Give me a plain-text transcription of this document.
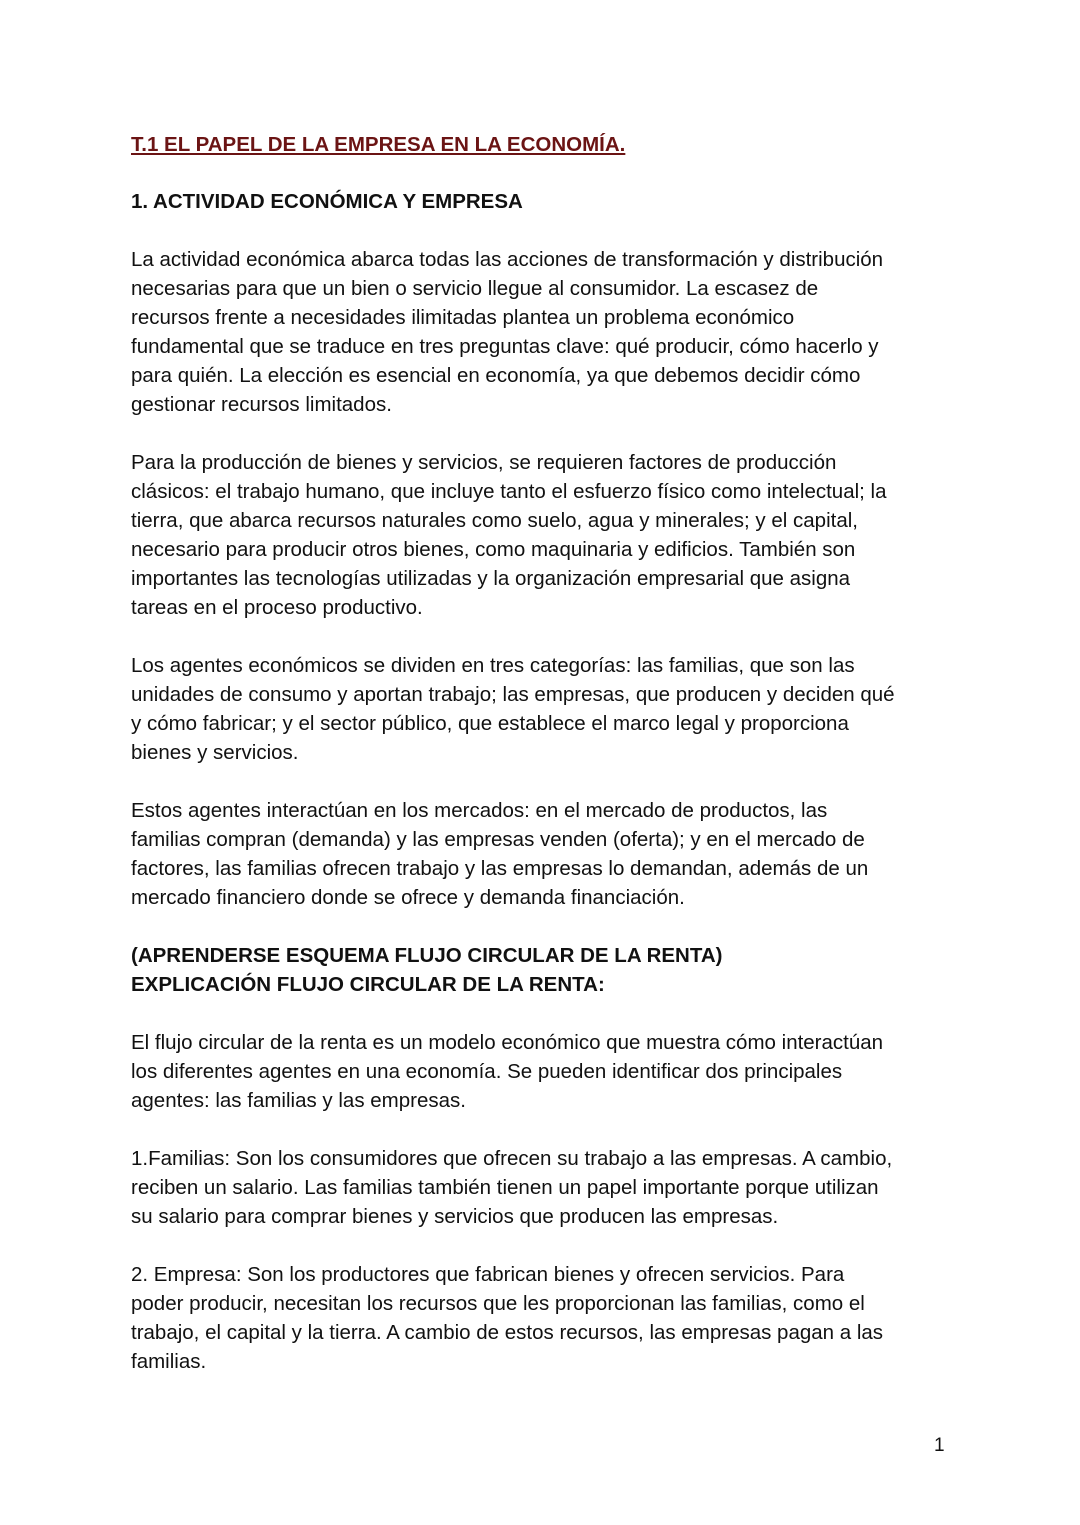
T.1 EL PAPEL DE LA EMPRESA EN LA ECONOMÍA.

1. ACTIVIDAD ECONÓMICA Y EMPRESA

La actividad económica abarca todas las acciones de transformación y distribución
necesarias para que un bien o servicio llegue al consumidor. La escasez de
recursos frente a necesidades ilimitadas plantea un problema económico
fundamental que se traduce en tres preguntas clave: qué producir, cómo hacerlo y
para quién. La elección es esencial en economía, ya que debemos decidir cómo
gestionar recursos limitados.

Para la producción de bienes y servicios, se requieren factores de producción
clásicos: el trabajo humano, que incluye tanto el esfuerzo físico como intelectual; la
tierra, que abarca recursos naturales como suelo, agua y minerales; y el capital,
necesario para producir otros bienes, como maquinaria y edificios. También son
importantes las tecnologías utilizadas y la organización empresarial que asigna
tareas en el proceso productivo.

Los agentes económicos se dividen en tres categorías: las familias, que son las
unidades de consumo y aportan trabajo; las empresas, que producen y deciden qué
y cómo fabricar; y el sector público, que establece el marco legal y proporciona
bienes y servicios.

Estos agentes interactúan en los mercados: en el mercado de productos, las
familias compran (demanda) y las empresas venden (oferta); y en el mercado de
factores, las familias ofrecen trabajo y las empresas lo demandan, además de un
mercado financiero donde se ofrece y demanda financiación.

(APRENDERSE ESQUEMA FLUJO CIRCULAR DE LA RENTA)
EXPLICACIÓN FLUJO CIRCULAR DE LA RENTA:

El flujo circular de la renta es un modelo económico que muestra cómo interactúan
los diferentes agentes en una economía. Se pueden identificar dos principales
agentes: las familias y las empresas.

1.Familias: Son los consumidores que ofrecen su trabajo a las empresas. A cambio,
reciben un salario. Las familias también tienen un papel importante porque utilizan
su salario para comprar bienes y servicios que producen las empresas.

2. Empresa: Son los productores que fabrican bienes y ofrecen servicios. Para
poder producir, necesitan los recursos que les proporcionan las familias, como el
trabajo, el capital y la tierra. A cambio de estos recursos, las empresas pagan a las
familias.

1
